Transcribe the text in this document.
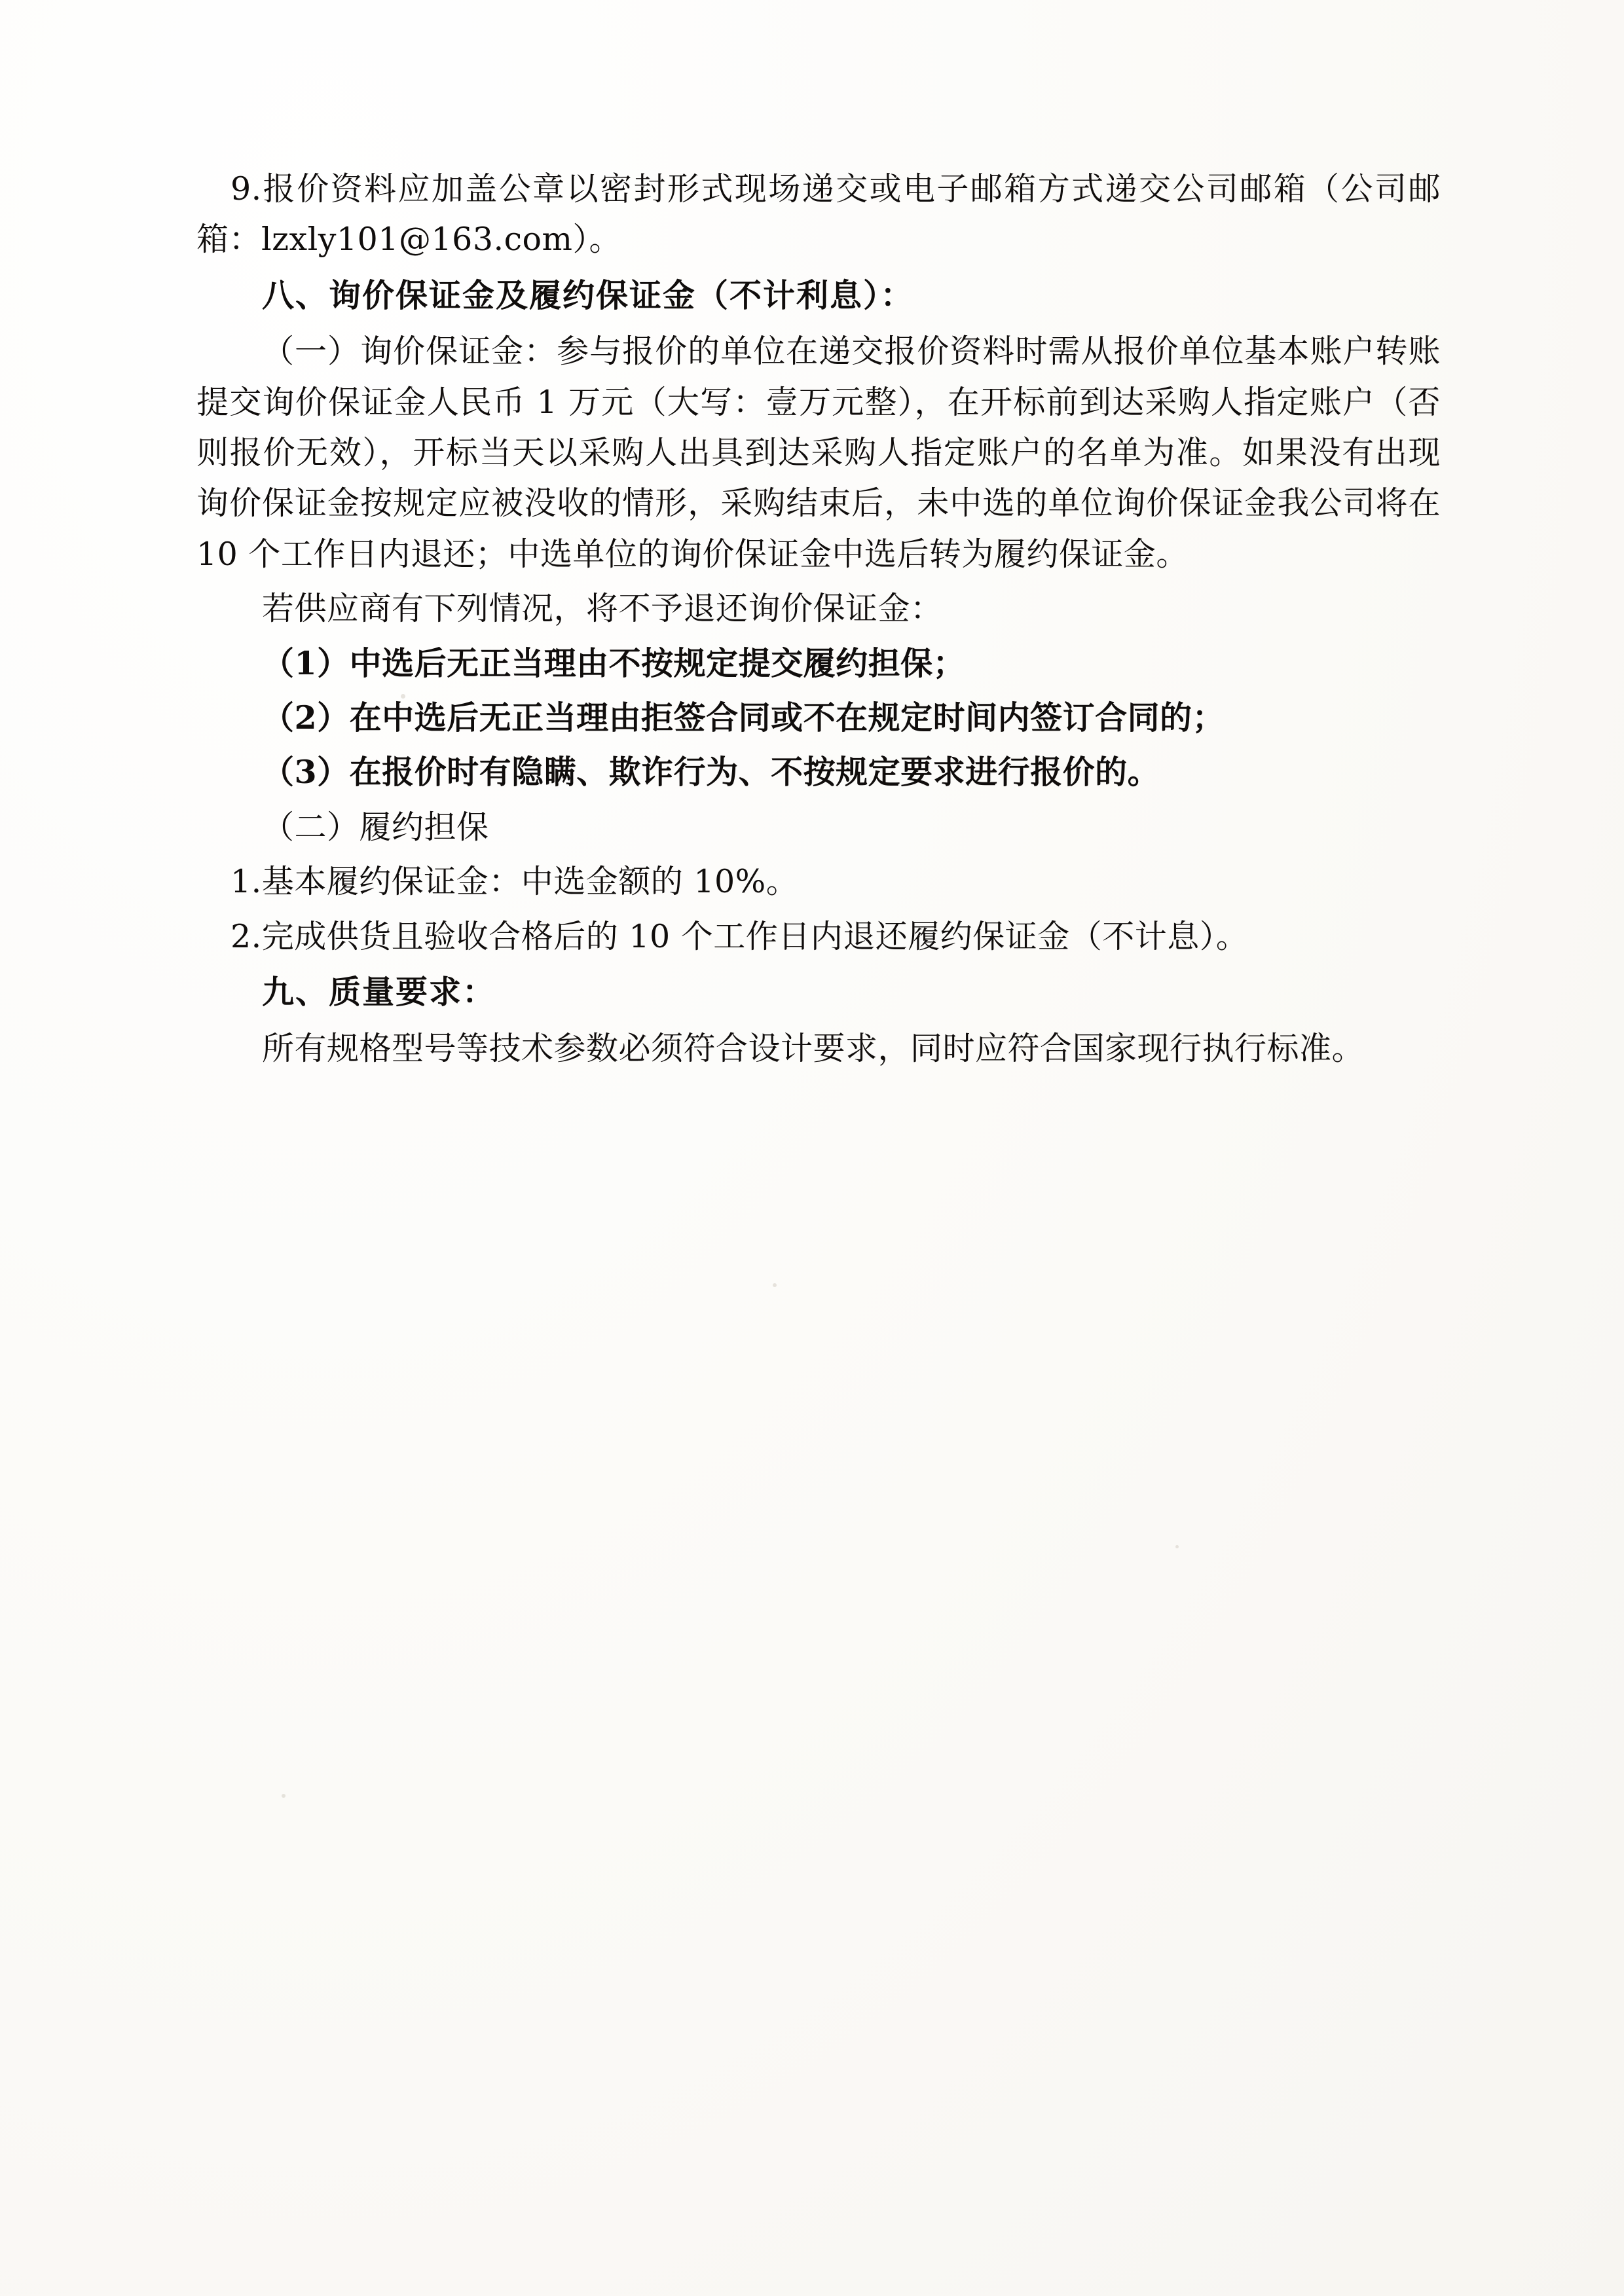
9.报价资料应加盖公章以密封形式现场递交或电子邮箱方式递交公司邮箱（公司邮箱：lzxly101@163.com）。

八、询价保证金及履约保证金（不计利息）：

（一）询价保证金：参与报价的单位在递交报价资料时需从报价单位基本账户转账提交询价保证金人民币 1 万元（大写：壹万元整），在开标前到达采购人指定账户（否则报价无效），开标当天以采购人出具到达采购人指定账户的名单为准。如果没有出现询价保证金按规定应被没收的情形，采购结束后，未中选的单位询价保证金我公司将在 10 个工作日内退还；中选单位的询价保证金中选后转为履约保证金。

若供应商有下列情况，将不予退还询价保证金：

（1）中选后无正当理由不按规定提交履约担保；

（2）在中选后无正当理由拒签合同或不在规定时间内签订合同的；

（3）在报价时有隐瞒、欺诈行为、不按规定要求进行报价的。

（二）履约担保

1.基本履约保证金：中选金额的 10%。

2.完成供货且验收合格后的 10 个工作日内退还履约保证金（不计息）。

九、质量要求：

所有规格型号等技术参数必须符合设计要求，同时应符合国家现行执行标准。
